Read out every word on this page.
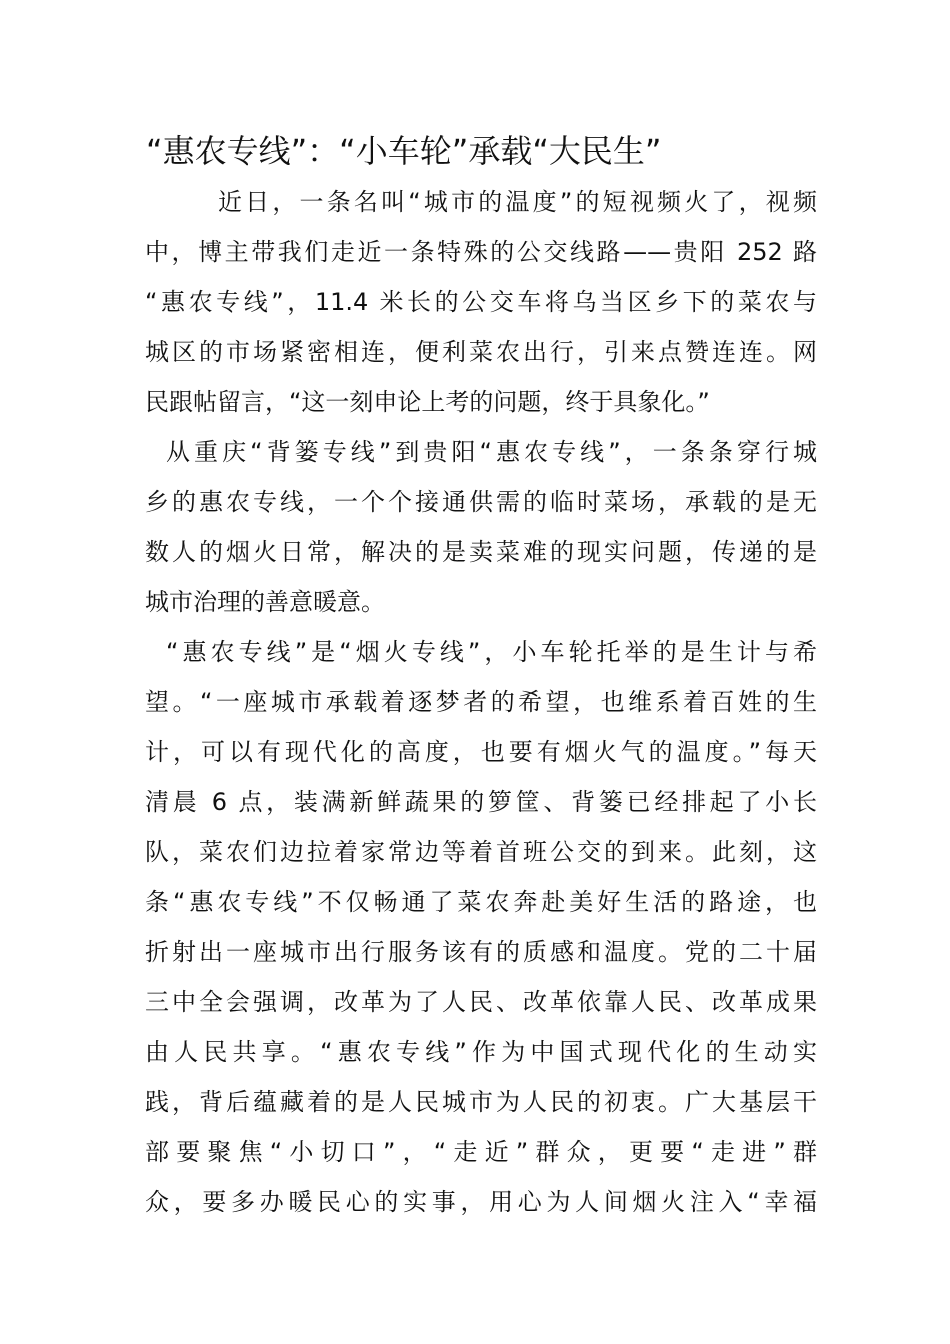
“惠农专线”：“小车轮”承载“大民生”
近日，一条名叫“城市的温度”的短视频火了，视频
中，博主带我们走近一条特殊的公交线路——贵阳 252 路
“惠农专线”，11.4 米长的公交车将乌当区乡下的菜农与
城区的市场紧密相连，便利菜农出行，引来点赞连连。网
民跟帖留言，“这一刻申论上考的问题，终于具象化。”
从重庆“背篓专线”到贵阳“惠农专线”，一条条穿行城
乡的惠农专线，一个个接通供需的临时菜场，承载的是无
数人的烟火日常，解决的是卖菜难的现实问题，传递的是
城市治理的善意暖意。
“惠农专线”是“烟火专线”，小车轮托举的是生计与希
望。“一座城市承载着逐梦者的希望，也维系着百姓的生
计，可以有现代化的高度，也要有烟火气的温度。”每天
清晨 6 点，装满新鲜蔬果的箩筐、背篓已经排起了小长
队，菜农们边拉着家常边等着首班公交的到来。此刻，这
条“惠农专线”不仅畅通了菜农奔赴美好生活的路途，也
折射出一座城市出行服务该有的质感和温度。党的二十届
三中全会强调，改革为了人民、改革依靠人民、改革成果
由人民共享。“惠农专线”作为中国式现代化的生动实
践，背后蕴藏着的是人民城市为人民的初衷。广大基层干
部要聚焦“小切口”，“走近”群众，更要“走进”群
众，要多办暖民心的实事，用心为人间烟火注入“幸福
